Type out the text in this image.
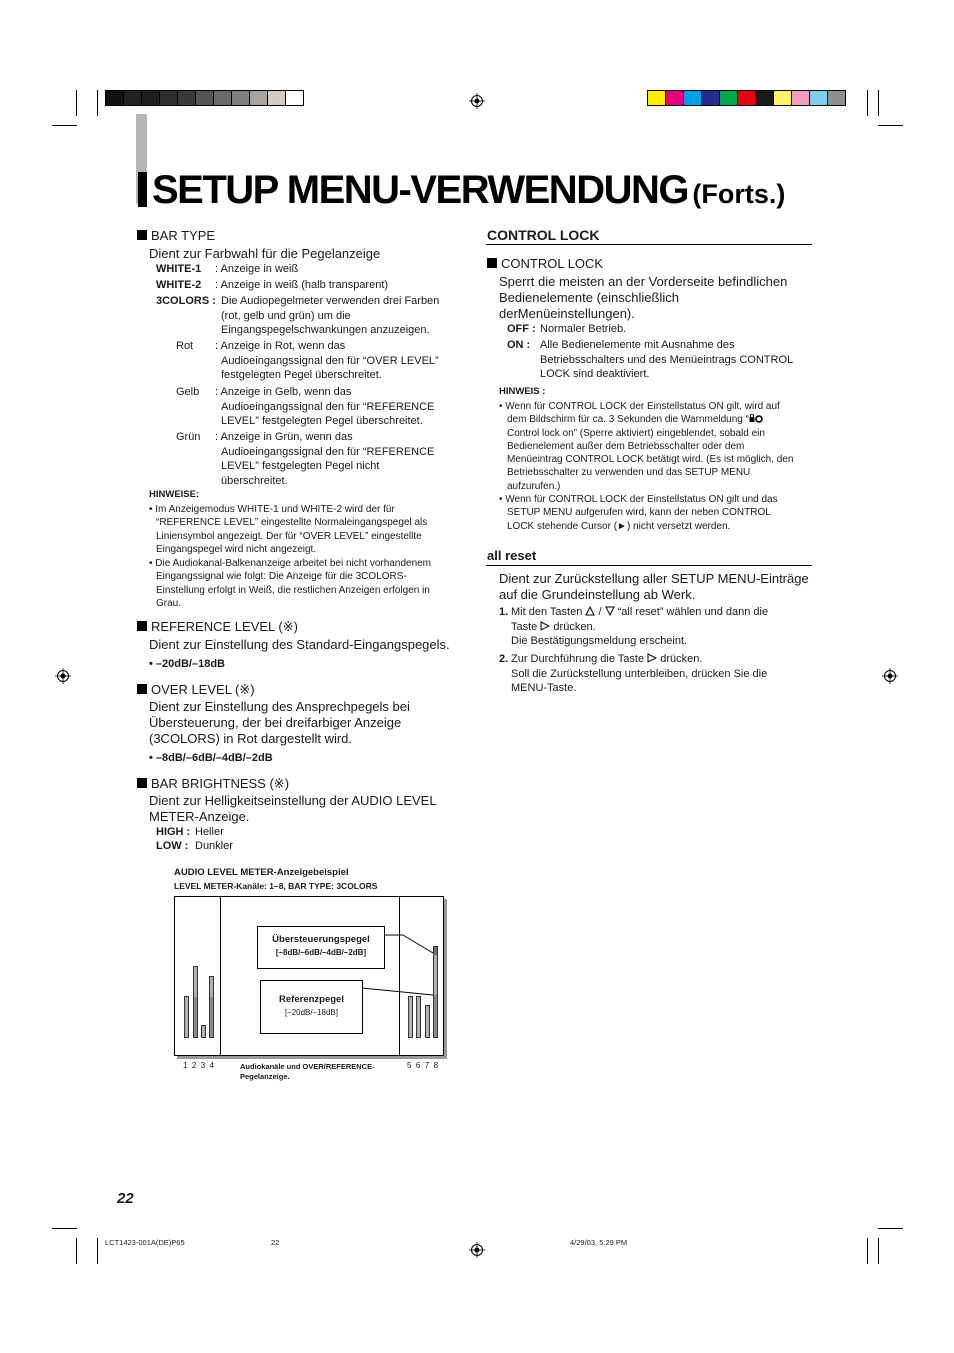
SETUP MENU-VERWENDUNG (Forts.)
BAR TYPE
Dient zur Farbwahl für die Pegelanzeige
WHITE-1 : Anzeige in weiß
WHITE-2 : Anzeige in weiß (halb transparent)
3COLORS : Die Audiopegelmeter verwenden drei Farben
(rot, gelb und grün) um die
Eingangspegelschwankungen anzuzeigen.
Rot : Anzeige in Rot, wenn das
Audioeingangssignal den für “OVER LEVEL”
festgelegten Pegel überschreitet.
Gelb : Anzeige in Gelb, wenn das
Audioeingangssignal den für “REFERENCE
LEVEL” festgelegten Pegel überschreitet.
Grün : Anzeige in Grün, wenn das
Audioeingangssignal den für “REFERENCE
LEVEL” festgelegten Pegel nicht
überschreitet.
HINWEISE:
• Im Anzeigemodus WHITE-1 und WHITE-2 wird der für
“REFERENCE LEVEL” eingestellte Normaleingangspegel als
Liniensymbol angezeigt. Der für “OVER LEVEL” eingestellte
Eingangspegel wird nicht angezeigt.
• Die Audiokanal-Balkenanzeige arbeitet bei nicht vorhandenem
Eingangssignal wie folgt: Die Anzeige für die 3COLORS-
Einstellung erfolgt in Weiß, die restlichen Anzeigen erfolgen in
Grau.
REFERENCE LEVEL (※)
Dient zur Einstellung des Standard-Eingangspegels.
• –20dB/–18dB
OVER LEVEL (※)
Dient zur Einstellung des Ansprechpegels bei
Übersteuerung, der bei dreifarbiger Anzeige
(3COLORS) in Rot dargestellt wird.
• –8dB/–6dB/–4dB/–2dB
BAR BRIGHTNESS (※)
Dient zur Helligkeitseinstellung der AUDIO LEVEL
METER-Anzeige.
HIGH : Heller
LOW : Dunkler
AUDIO LEVEL METER-Anzeigebeispiel
LEVEL METER-Kanäle: 1–8, BAR TYPE: 3COLORS
Übersteuerungspegel
[–8dB/–6dB/–4dB/–2dB]
Referenzpegel
[–20dB/–18dB]
1  2  3  4	5  6  7  8
Audiokanäle und OVER/REFERENCE-
Pegelanzeige.
CONTROL LOCK
CONTROL LOCK
Sperrt die meisten an der Vorderseite befindlichen
Bedienelemente (einschließlich
derMenüeinstellungen).
OFF : Normaler Betrieb.
ON : Alle Bedienelemente mit Ausnahme des
Betriebsschalters und des Menüeintrags CONTROL
LOCK sind deaktiviert.
HINWEIS :
• Wenn für CONTROL LOCK der Einstellstatus ON gilt, wird auf
dem Bildschirm für ca. 3 Sekunden die Warnmeldung “
Control lock on” (Sperre aktiviert) eingeblendet, sobald ein
Bedienelement außer dem Betriebsschalter oder dem
Menüeintrag CONTROL LOCK betätigt wird. (Es ist möglich, den
Betriebsschalter zu verwenden und das SETUP MENU
aufzurufen.)
• Wenn für CONTROL LOCK der Einstellstatus ON gilt und das
SETUP MENU aufgerufen wird, kann der neben CONTROL
LOCK stehende Cursor (►) nicht versetzt werden.
all reset
Dient zur Zurückstellung aller SETUP MENU-Einträge
auf die Grundeinstellung ab Werk.
1. Mit den Tasten  /  “all reset” wählen und dann die
Taste drücken.
Die Bestätigungsmeldung erscheint.
2. Zur Durchführung die Taste drücken.
Soll die Zurückstellung unterbleiben, drücken Sie die
MENU-Taste.
22
LCT1423-001A(DE)P65	22	4/29/03, 5:29 PM
